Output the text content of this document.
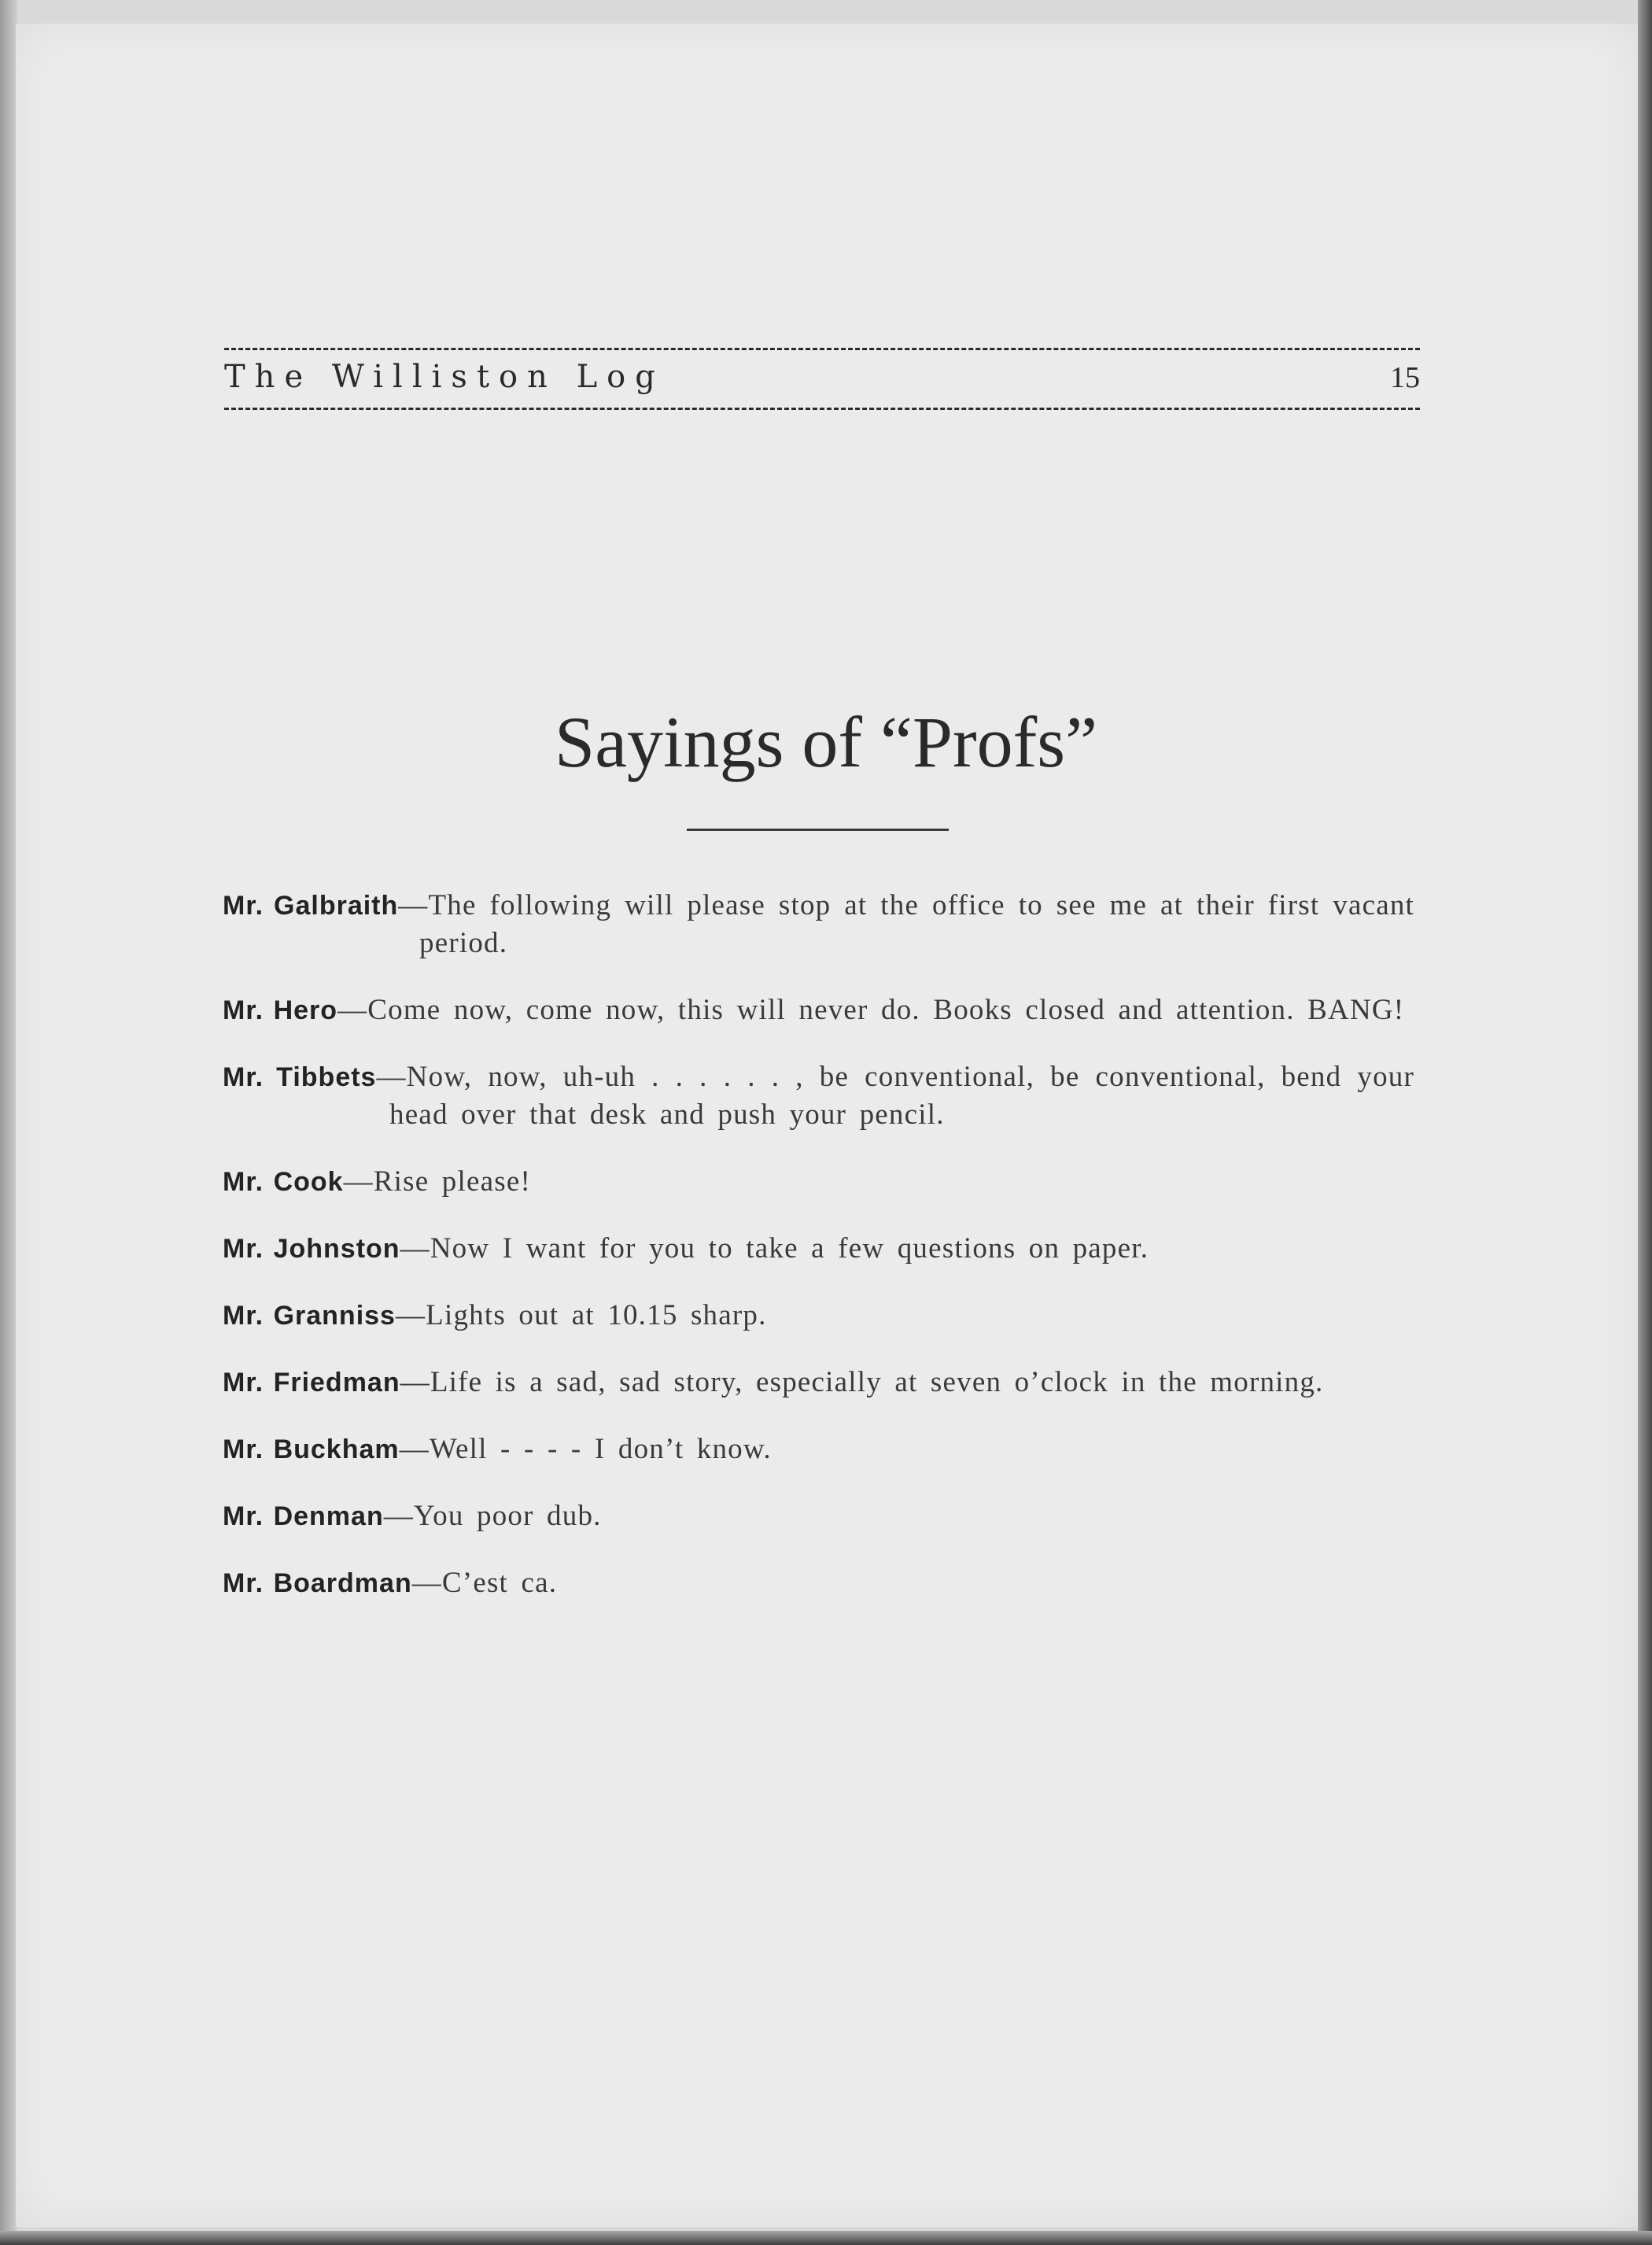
The Williston Log	15
Sayings of “Profs”

Mr. Galbraith—The following will please stop at the office to see me at their first vacant period.

Mr. Hero—Come now, come now, this will never do. Books closed and attention. BANG!

Mr. Tibbets—Now, now, uh-uh . . . . . . , be conventional, be conventional, bend your head over that desk and push your pencil.

Mr. Cook—Rise please!

Mr. Johnston—Now I want for you to take a few questions on paper.

Mr. Granniss—Lights out at 10.15 sharp.

Mr. Friedman—Life is a sad, sad story, especially at seven o’clock in the morning.

Mr. Buckham—Well - - - - I don’t know.

Mr. Denman—You poor dub.

Mr. Boardman—C’est ca.
